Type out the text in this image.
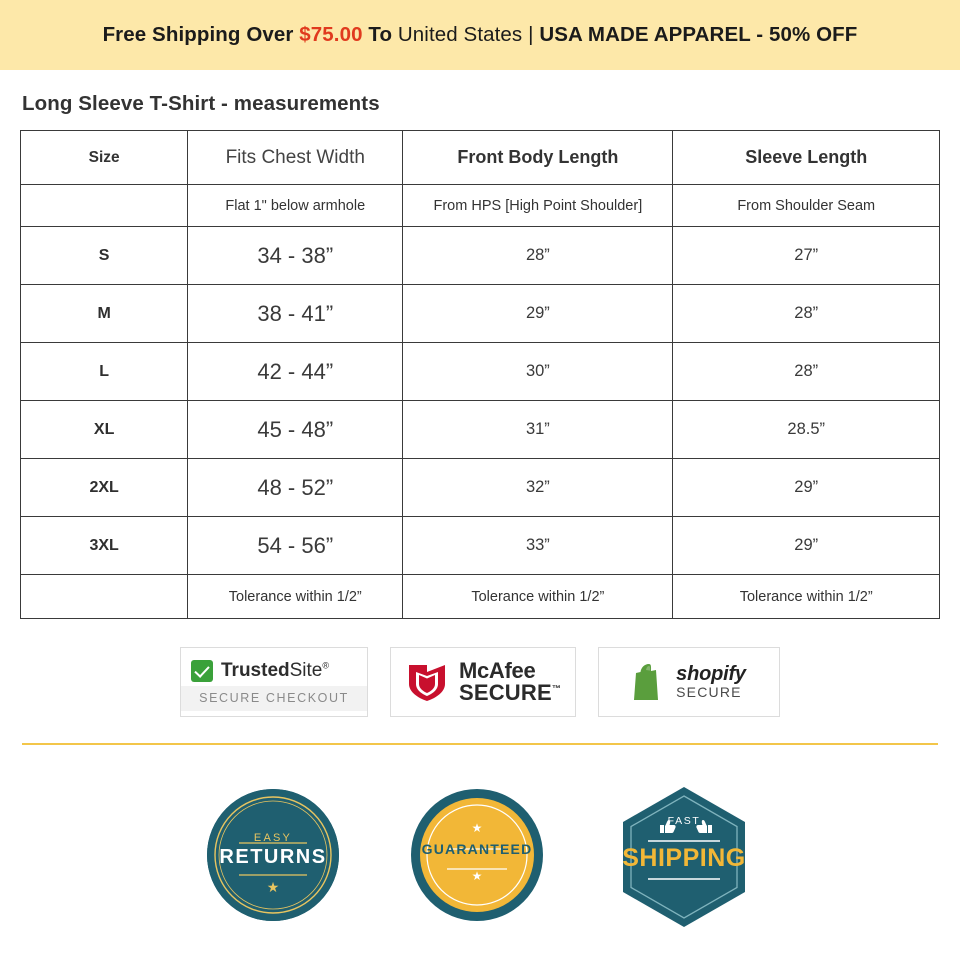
Free Shipping Over $75.00 To United States | USA MADE APPAREL - 50% OFF
Long Sleeve T-Shirt - measurements
Size	Fits Chest Width	Front Body Length	Sleeve Length
	Flat 1" below armhole	From HPS [High Point Shoulder]	From Shoulder Seam
S	34 - 38”	28”	27”
M	38 - 41”	29”	28”
L	42 - 44”	30”	28”
XL	45 - 48”	31”	28.5”
2XL	48 - 52”	32”	29”
3XL	54 - 56”	33”	29”
	Tolerance within 1/2”	Tolerance within 1/2”	Tolerance within 1/2”
TrustedSite®
SECURE CHECKOUT
McAfee
SECURE™
shopify
SECURE
EASY
RETURNS
★
★
GUARANTEED
★
FAST
SHIPPING
